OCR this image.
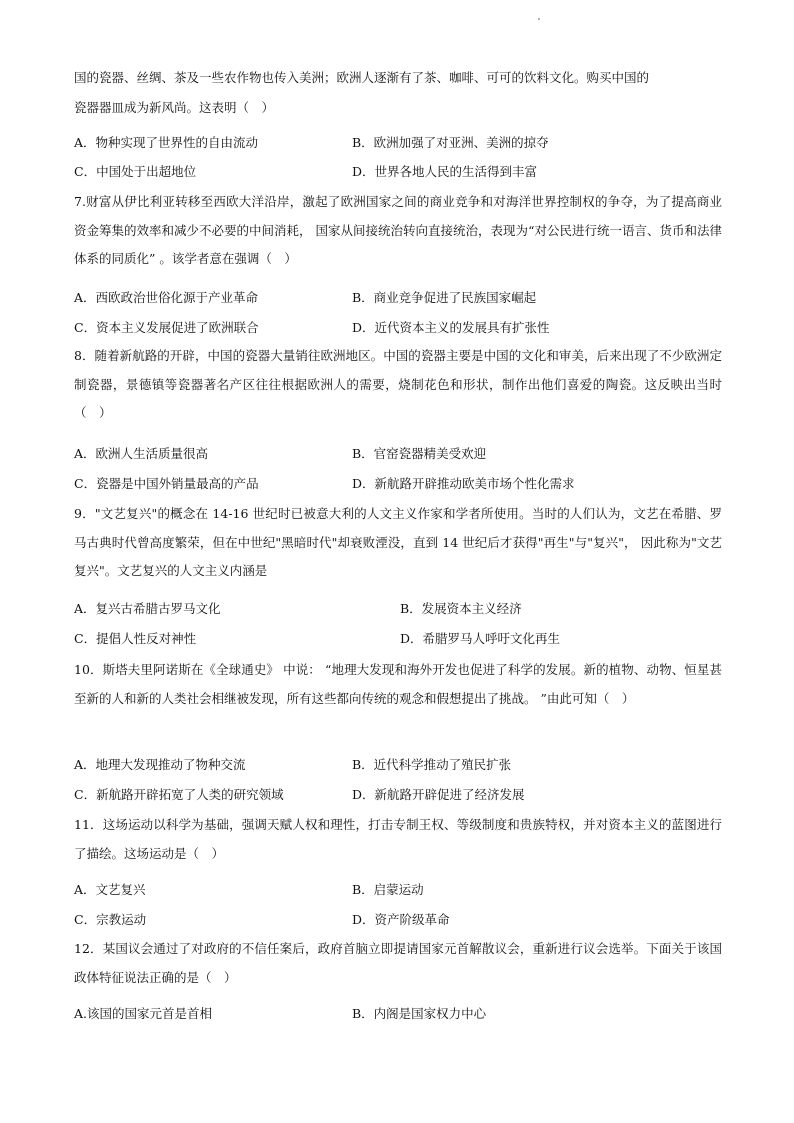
国的瓷器、丝绸、茶及一些农作物也传入美洲；欧洲人逐渐有了茶、咖啡、可可的饮料文化。购买中国的
瓷器器皿成为新风尚。这表明（　）
A．物种实现了世界性的自由流动	B．欧洲加强了对亚洲、美洲的掠夺
C．中国处于出超地位	D．世界各地人民的生活得到丰富
7.财富从伊比利亚转移至西欧大洋沿岸，激起了欧洲国家之间的商业竞争和对海洋世界控制权的争夺，为了提高商业资金筹集的效率和减少不必要的中间消耗， 国家从间接统治转向直接统治，表现为“对公民进行统一语言、货币和法律体系的同质化” 。该学者意在强调（　）
A．西欧政治世俗化源于产业革命	B．商业竞争促进了民族国家崛起
C．资本主义发展促进了欧洲联合	D．近代资本主义的发展具有扩张性
8．随着新航路的开辟，中国的瓷器大量销往欧洲地区。中国的瓷器主要是中国的文化和审美，后来出现了不少欧洲定制瓷器，景德镇等瓷器著名产区往往根据欧洲人的需要，烧制花色和形状，制作出他们喜爱的陶瓷。这反映出当时（　）
A．欧洲人生活质量很高	B．官窑瓷器精美受欢迎
C．瓷器是中国外销量最高的产品	D．新航路开辟推动欧美市场个性化需求
9．"文艺复兴"的概念在 14-16 世纪时已被意大利的人文主义作家和学者所使用。当时的人们认为，文艺在希腊、罗马古典时代曾高度繁荣，但在中世纪"黑暗时代"却衰败湮没，直到 14 世纪后才获得"再生"与"复兴"， 因此称为"文艺复兴"。文艺复兴的人文主义内涵是
A．复兴古希腊古罗马文化	B．发展资本主义经济
C．提倡人性反对神性	D．希腊罗马人呼吁文化再生
10．斯塔夫里阿诺斯在《全球通史》 中说： “地理大发现和海外开发也促进了科学的发展。新的植物、动物、恒星甚至新的人和新的人类社会相继被发现，所有这些都向传统的观念和假想提出了挑战。 ”由此可知（　）
A．地理大发现推动了物种交流	B．近代科学推动了殖民扩张
C．新航路开辟拓宽了人类的研究领域	D．新航路开辟促进了经济发展
11．这场运动以科学为基础，强调天赋人权和理性，打击专制王权、等级制度和贵族特权，并对资本主义的蓝图进行了描绘。这场运动是（　）
A．文艺复兴	B．启蒙运动
C．宗教运动	D．资产阶级革命
12．某国议会通过了对政府的不信任案后，政府首脑立即提请国家元首解散议会，重新进行议会选举。下面关于该国政体特征说法正确的是（　）
A.该国的国家元首是首相	B．内阁是国家权力中心
